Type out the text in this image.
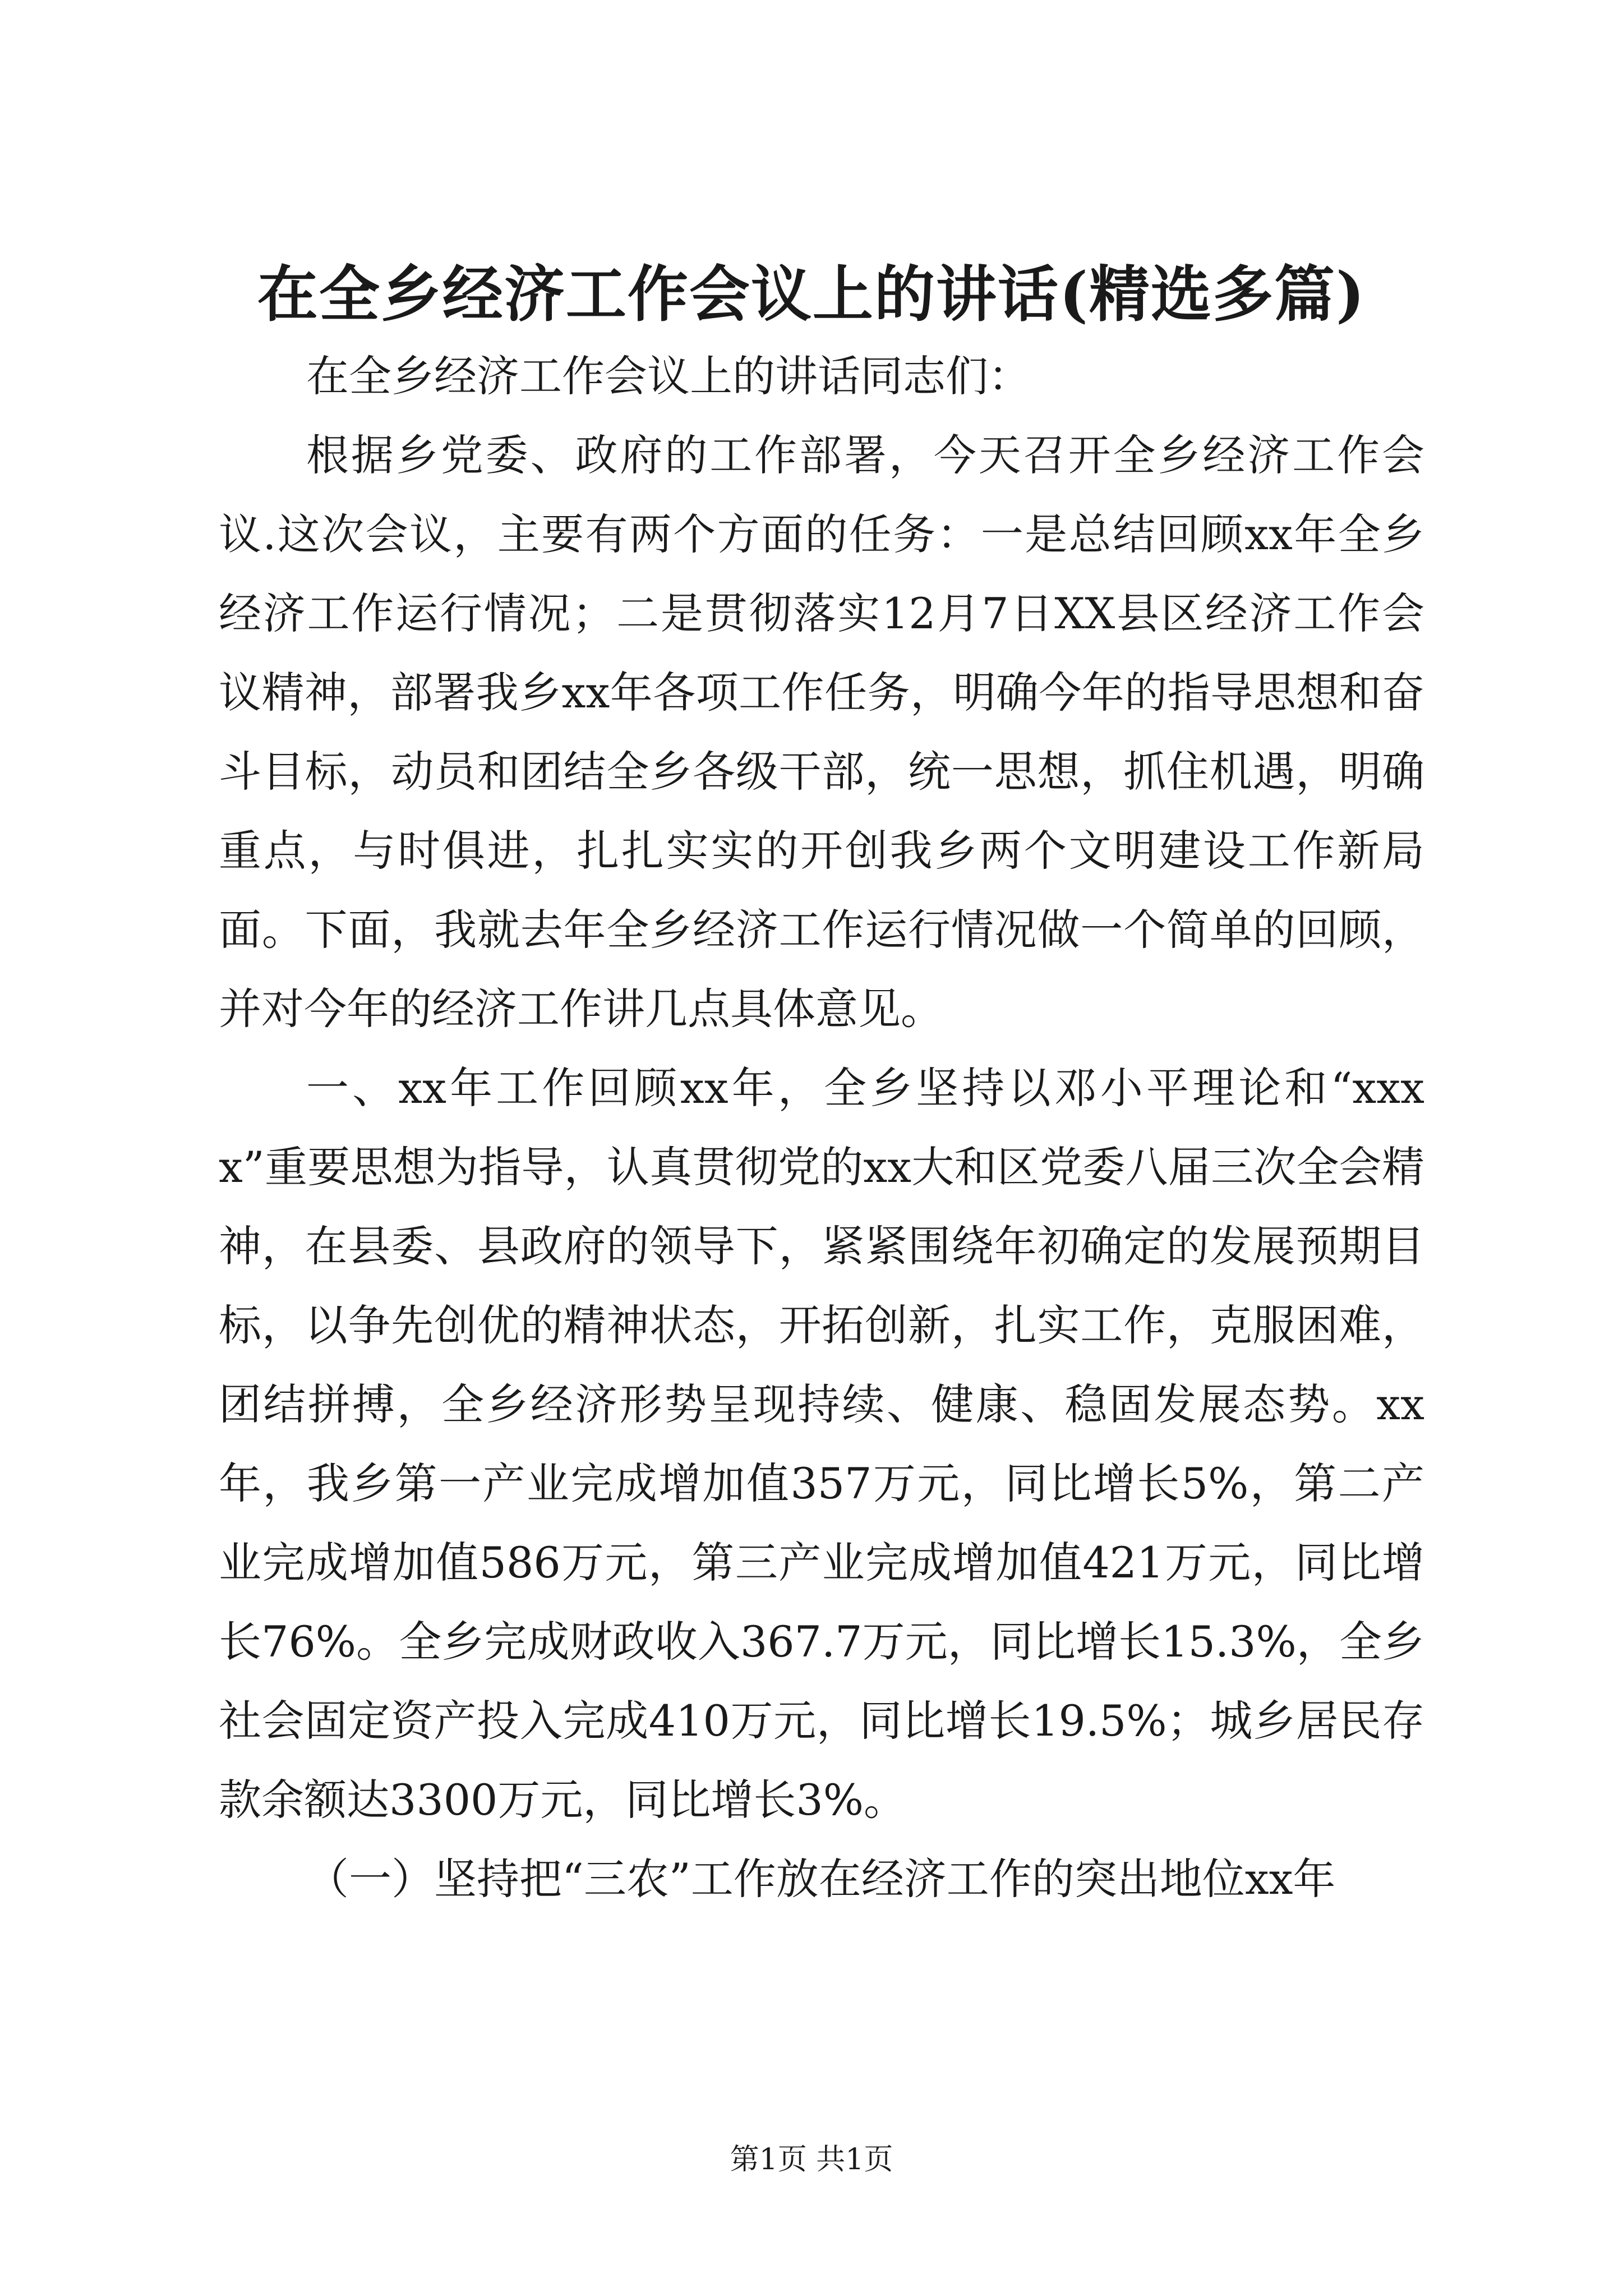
在全乡经济工作会议上的讲话(精选多篇)

在全乡经济工作会议上的讲话同志们：

根据乡党委、政府的工作部署，今天召开全乡经济工作会议.这次会议，主要有两个方面的任务：一是总结回顾xx年全乡经济工作运行情况；二是贯彻落实12月7日XX县区经济工作会议精神，部署我乡xx年各项工作任务，明确今年的指导思想和奋斗目标，动员和团结全乡各级干部，统一思想，抓住机遇，明确重点，与时俱进，扎扎实实的开创我乡两个文明建设工作新局面。下面，我就去年全乡经济工作运行情况做一个简单的回顾，并对今年的经济工作讲几点具体意见。

一、xx年工作回顾xx年，全乡坚持以邓小平理论和“xxxx”重要思想为指导，认真贯彻党的xx大和区党委八届三次全会精神，在县委、县政府的领导下，紧紧围绕年初确定的发展预期目标，以争先创优的精神状态，开拓创新，扎实工作，克服困难，团结拼搏，全乡经济形势呈现持续、健康、稳固发展态势。xx年，我乡第一产业完成增加值357万元，同比增长5%，第二产业完成增加值586万元，第三产业完成增加值421万元，同比增长76%。全乡完成财政收入367.7万元，同比增长15.3%，全乡社会固定资产投入完成410万元，同比增长19.5%；城乡居民存款余额达3300万元，同比增长3%。

（一）坚持把“三农”工作放在经济工作的突出地位xx年

第1页 共1页
